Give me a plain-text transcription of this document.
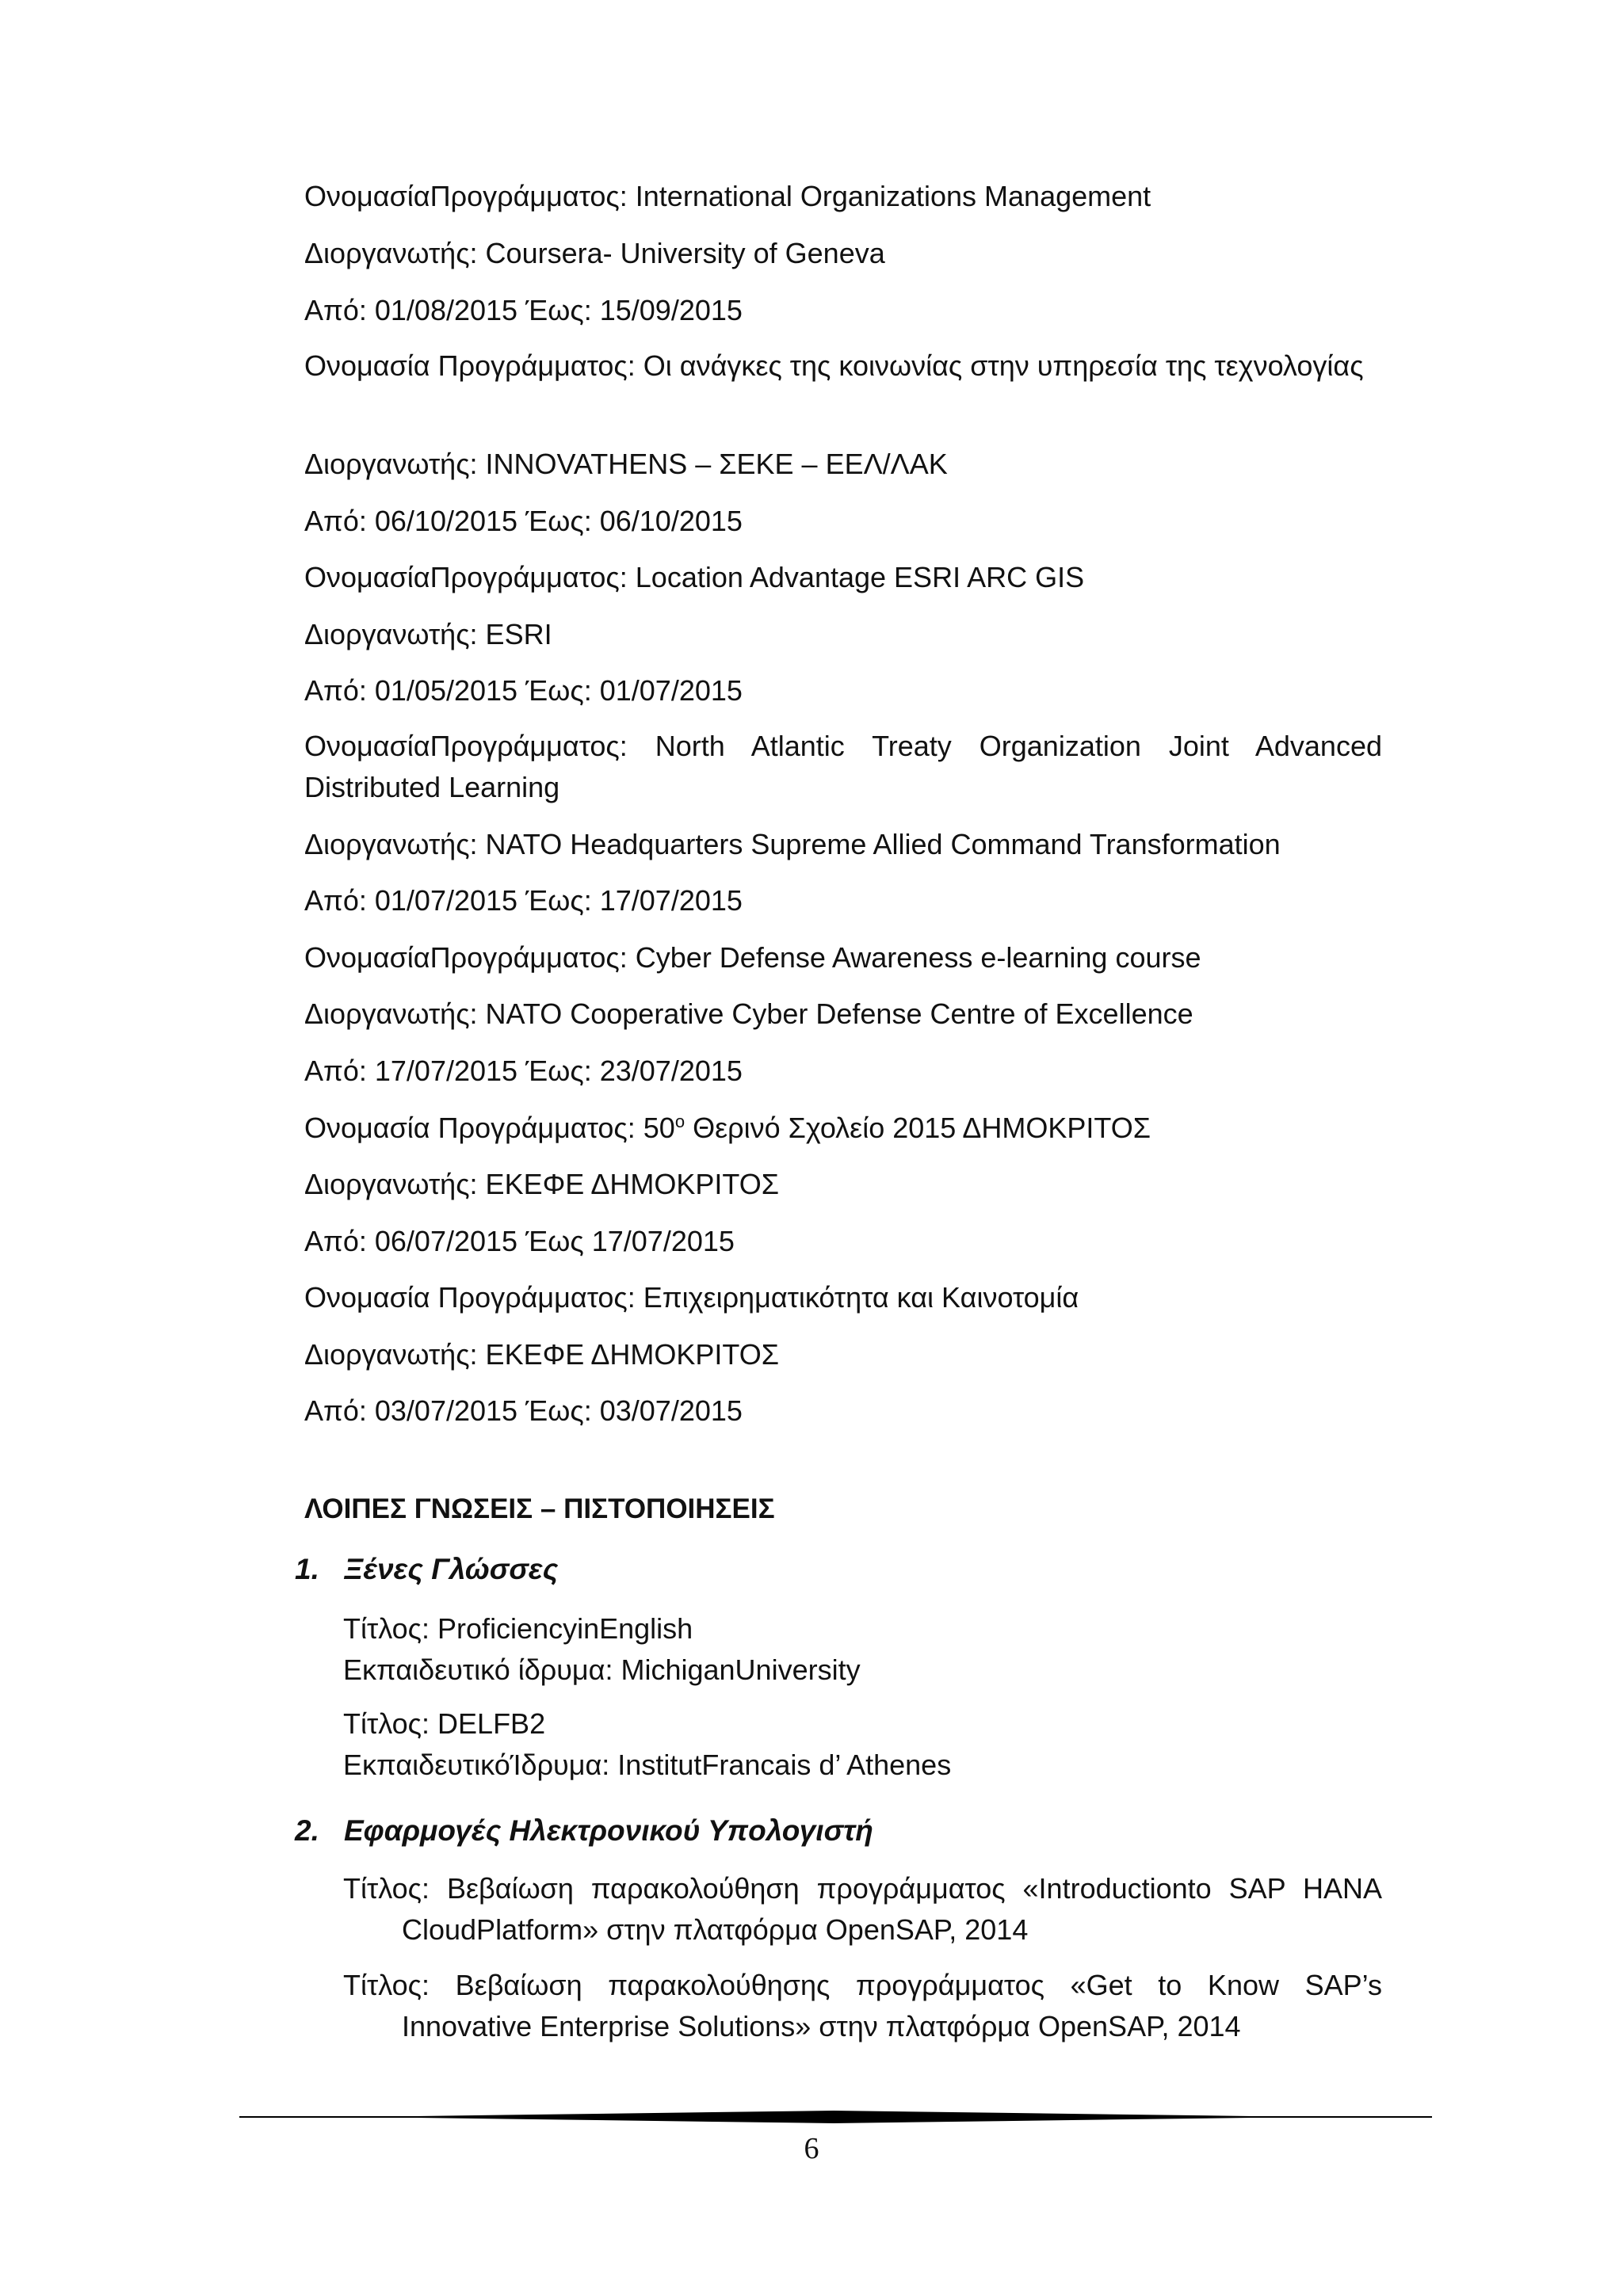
ΟνομασίαΠρογράμματος: International Organizations Management

Διοργανωτής: Coursera- University of Geneva

Από: 01/08/2015 Έως: 15/09/2015

Ονομασία Προγράμματος: Οι ανάγκες της κοινωνίας στην υπηρεσία της τεχνολογίας

Διοργανωτής: INNOVATHENS – ΣΕΚΕ – ΕΕΛ/ΛΑΚ

Από: 06/10/2015 Έως: 06/10/2015

ΟνομασίαΠρογράμματος: Location Advantage ESRI ARC GIS

Διοργανωτής: ESRI

Από: 01/05/2015 Έως: 01/07/2015

ΟνομασίαΠρογράμματος: North Atlantic Treaty Organization Joint Advanced Distributed Learning

Διοργανωτής: NATO Headquarters Supreme Allied Command Transformation

Από: 01/07/2015 Έως: 17/07/2015

ΟνομασίαΠρογράμματος: Cyber Defense Awareness e-learning course

Διοργανωτής: NATO Cooperative Cyber Defense Centre of Excellence

Από: 17/07/2015 Έως: 23/07/2015

Ονομασία Προγράμματος: $50^o$ Θερινό Σχολείο 2015 ΔΗΜΟΚΡΙΤΟΣ

Διοργανωτής: ΕΚΕΦΕ ΔΗΜΟΚΡΙΤΟΣ

Από: 06/07/2015 Έως 17/07/2015

Ονομασία Προγράμματος: Επιχειρηματικότητα και Καινοτομία

Διοργανωτής: ΕΚΕΦΕ ΔΗΜΟΚΡΙΤΟΣ

Από: 03/07/2015 Έως: 03/07/2015

ΛΟΙΠΕΣ ΓΝΩΣΕΙΣ – ΠΙΣΤΟΠΟΙΗΣΕΙΣ

1. Ξένες Γλώσσες

Τίτλος: ProficiencyinEnglish
Εκπαιδευτικό ίδρυμα: MichiganUniversity

Τίτλος: DELFB2
ΕκπαιδευτικόΊδρυμα: InstitutFrancais d’ Athenes

2. Εφαρμογές Ηλεκτρονικού Υπολογιστή

Τίτλος: Βεβαίωση παρακολούθηση προγράμματος «Introductionto SAP HANA CloudPlatform» στην πλατφόρμα OpenSAP, 2014

Τίτλος: Βεβαίωση παρακολούθησης προγράμματος «Get to Know SAP’s Innovative Enterprise Solutions» στην πλατφόρμα OpenSAP, 2014

6
